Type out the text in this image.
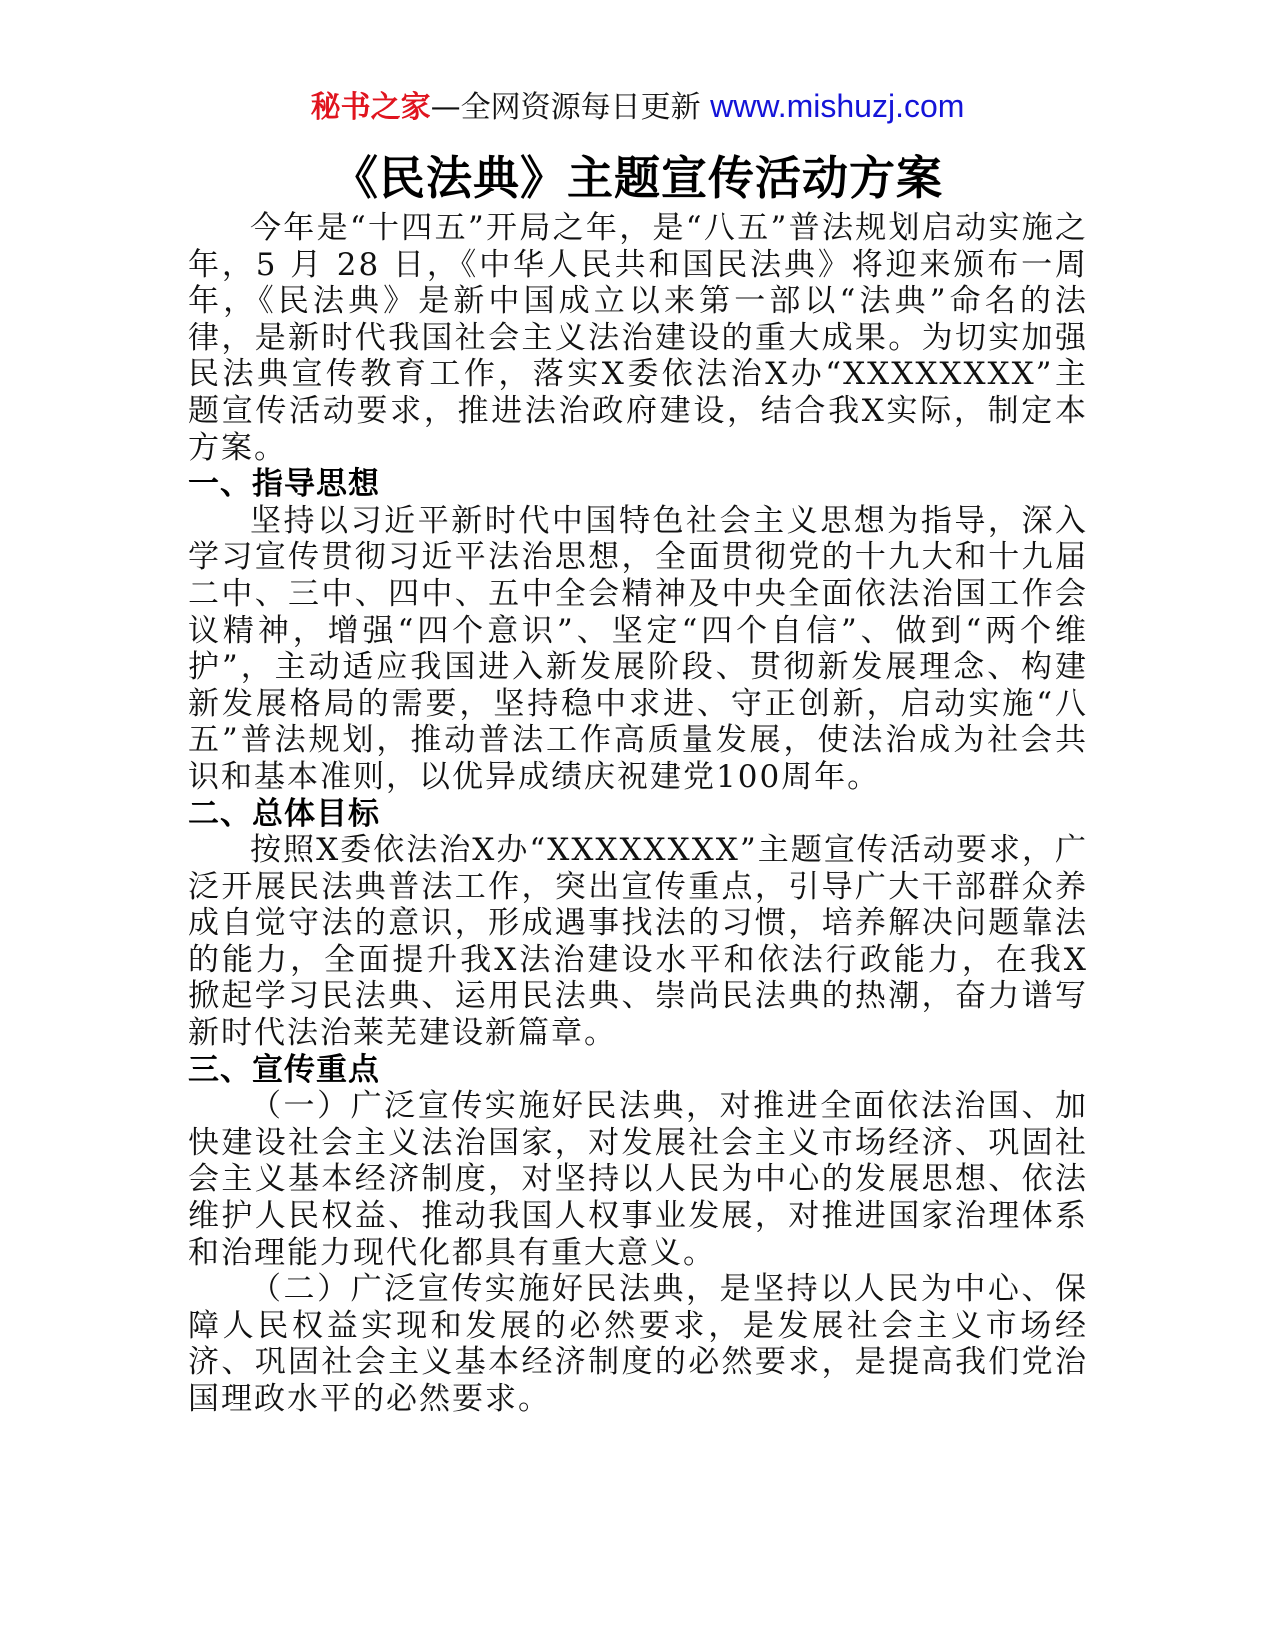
秘书之家—全网资源每日更新 www.mishuzj.com
《民法典》主题宣传活动方案

今年是“十四五”开局之年，是“八五”普法规划启动实施之年，5 月 28 日，《中华人民共和国民法典》将迎来颁布一周年，《民法典》是新中国成立以来第一部以“法典”命名的法律，是新时代我国社会主义法治建设的重大成果。为切实加强民法典宣传教育工作，落实X委依法治X办“XXXXXXXX”主题宣传活动要求，推进法治政府建设，结合我X实际，制定本方案。

一、指导思想

坚持以习近平新时代中国特色社会主义思想为指导，深入学习宣传贯彻习近平法治思想，全面贯彻党的十九大和十九届二中、三中、四中、五中全会精神及中央全面依法治国工作会议精神，增强“四个意识”、坚定“四个自信”、做到“两个维护”，主动适应我国进入新发展阶段、贯彻新发展理念、构建新发展格局的需要，坚持稳中求进、守正创新，启动实施“八五”普法规划，推动普法工作高质量发展，使法治成为社会共识和基本准则，以优异成绩庆祝建党100周年。

二、总体目标

按照X委依法治X办“XXXXXXXX”主题宣传活动要求，广泛开展民法典普法工作，突出宣传重点，引导广大干部群众养成自觉守法的意识，形成遇事找法的习惯，培养解决问题靠法的能力，全面提升我X法治建设水平和依法行政能力，在我X掀起学习民法典、运用民法典、崇尚民法典的热潮，奋力谱写新时代法治莱芜建设新篇章。

三、宣传重点

（一）广泛宣传实施好民法典，对推进全面依法治国、加快建设社会主义法治国家，对发展社会主义市场经济、巩固社会主义基本经济制度，对坚持以人民为中心的发展思想、依法维护人民权益、推动我国人权事业发展，对推进国家治理体系和治理能力现代化都具有重大意义。

（二）广泛宣传实施好民法典，是坚持以人民为中心、保障人民权益实现和发展的必然要求，是发展社会主义市场经济、巩固社会主义基本经济制度的必然要求，是提高我们党治国理政水平的必然要求。
